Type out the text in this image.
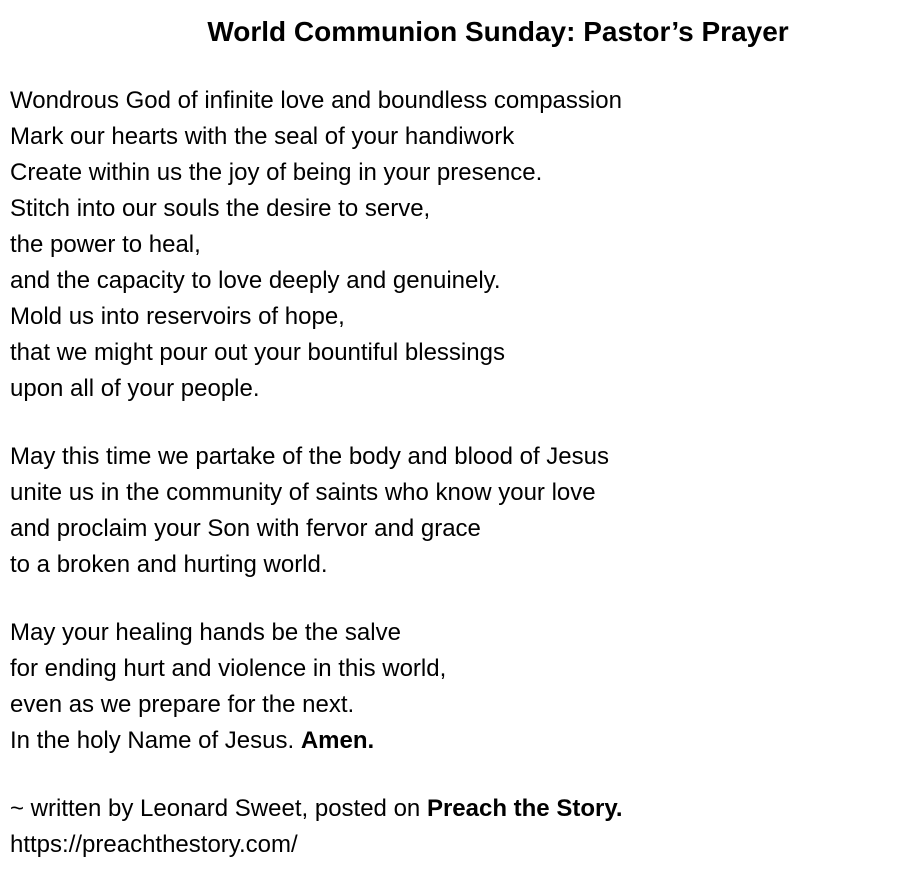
World Communion Sunday: Pastor’s Prayer
Wondrous God of infinite love and boundless compassion
Mark our hearts with the seal of your handiwork
Create within us the joy of being in your presence.
Stitch into our souls the desire to serve,
the power to heal,
and the capacity to love deeply and genuinely.
Mold us into reservoirs of hope,
that we might pour out your bountiful blessings
upon all of your people.
May this time we partake of the body and blood of Jesus
unite us in the community of saints who know your love
and proclaim your Son with fervor and grace
to a broken and hurting world.
May your healing hands be the salve
for ending hurt and violence in this world,
even as we prepare for the next.
In the holy Name of Jesus. Amen.
~ written by Leonard Sweet, posted on Preach the Story.
https://preachthestory.com/
